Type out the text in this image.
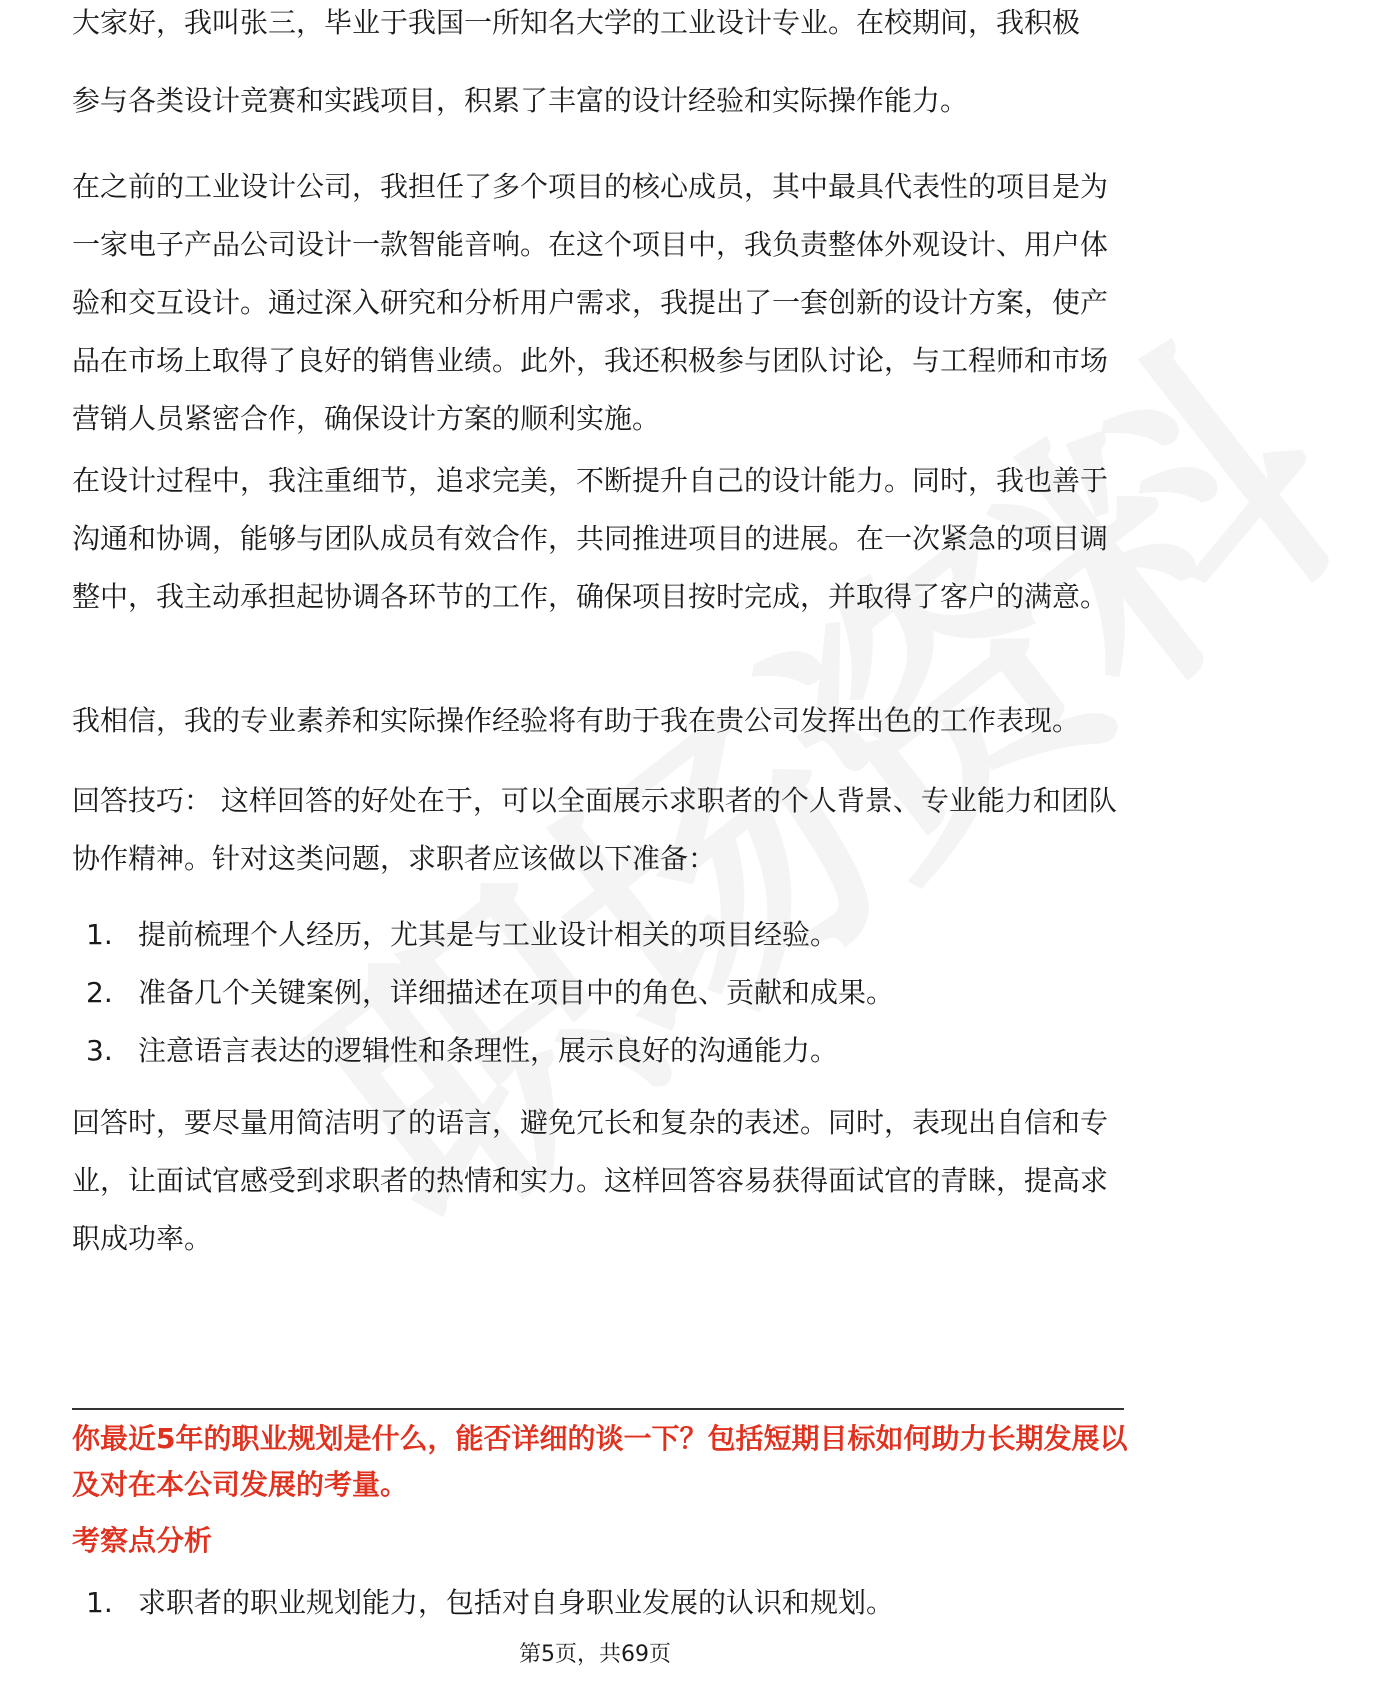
大家好，我叫张三，毕业于我国一所知名大学的工业设计专业。在校期间，我积极

参与各类设计竞赛和实践项目，积累了丰富的设计经验和实际操作能力。

在之前的工业设计公司，我担任了多个项目的核心成员，其中最具代表性的项目是为一家电子产品公司设计一款智能音响。在这个项目中，我负责整体外观设计、用户体验和交互设计。通过深入研究和分析用户需求，我提出了一套创新的设计方案，使产品在市场上取得了良好的销售业绩。此外，我还积极参与团队讨论，与工程师和市场营销人员紧密合作，确保设计方案的顺利实施。

在设计过程中，我注重细节，追求完美，不断提升自己的设计能力。同时，我也善于沟通和协调，能够与团队成员有效合作，共同推进项目的进展。在一次紧急的项目调整中，我主动承担起协调各环节的工作，确保项目按时完成，并取得了客户的满意。

我相信，我的专业素养和实际操作经验将有助于我在贵公司发挥出色的工作表现。

回答技巧： 这样回答的好处在于，可以全面展示求职者的个人背景、专业能力和团队协作精神。针对这类问题，求职者应该做以下准备：

1. 提前梳理个人经历，尤其是与工业设计相关的项目经验。
2. 准备几个关键案例，详细描述在项目中的角色、贡献和成果。
3. 注意语言表达的逻辑性和条理性，展示良好的沟通能力。

回答时，要尽量用简洁明了的语言，避免冗长和复杂的表述。同时，表现出自信和专业，让面试官感受到求职者的热情和实力。这样回答容易获得面试官的青睐，提高求职成功率。

你最近5年的职业规划是什么，能否详细的谈一下？包括短期目标如何助力长期发展以及对在本公司发展的考量。

考察点分析

1. 求职者的职业规划能力，包括对自身职业发展的认识和规划。
第5页，共69页
